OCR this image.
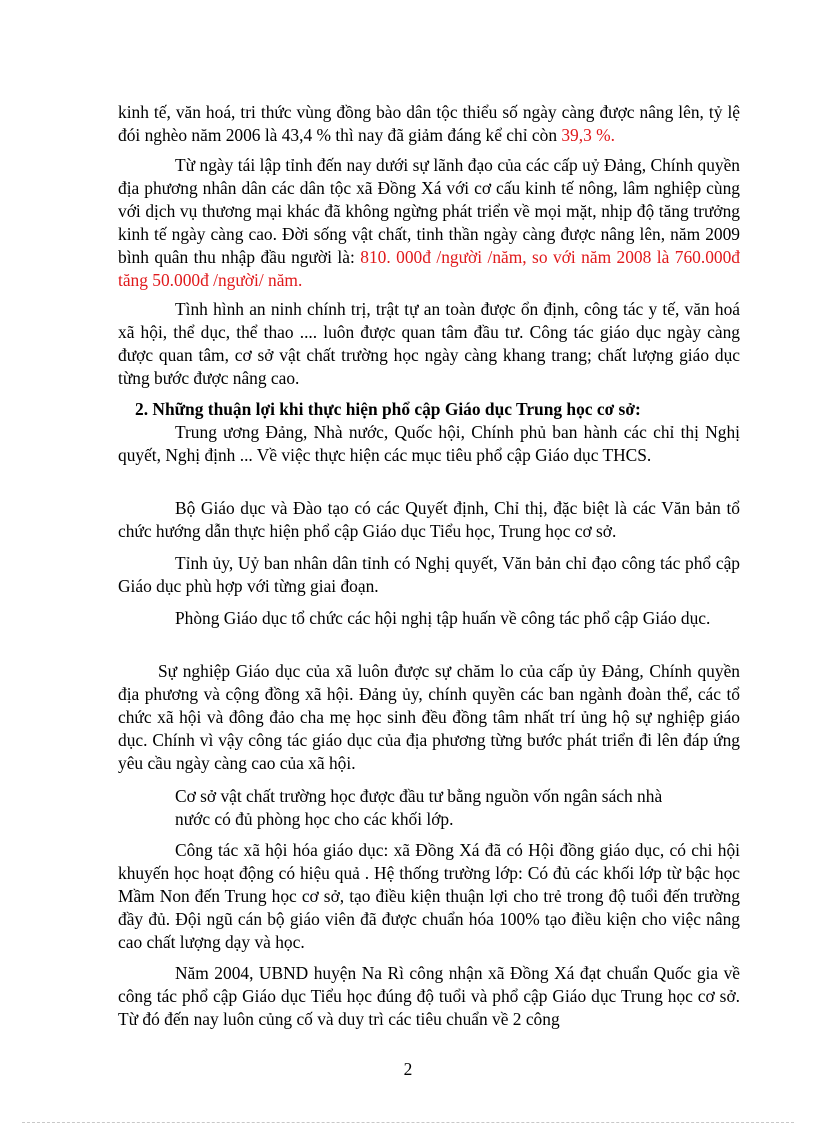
kinh tế, văn hoá, tri thức vùng đồng bào dân tộc thiểu số ngày càng được nâng lên, tỷ lệ đói nghèo năm 2006 là 43,4 % thì nay đã giảm đáng kể chỉ còn 39,3 %.

Từ ngày tái lập tỉnh đến nay dưới sự lãnh đạo của các cấp uỷ Đảng, Chính quyền địa phương nhân dân các dân tộc xã Đồng Xá với cơ cấu kinh tế nông, lâm nghiệp cùng với dịch vụ thương mại khác đã không ngừng phát triển về mọi mặt, nhịp độ tăng trưởng kinh tế ngày càng cao. Đời sống vật chất, tinh thần ngày càng được nâng lên, năm 2009 bình quân thu nhập đầu người là: 810. 000đ /người /năm, so với năm 2008 là 760.000đ tăng 50.000đ /người/ năm.

Tình hình an ninh chính trị, trật tự an toàn được ổn định, công tác y tế, văn hoá xã hội, thể dục, thể thao .... luôn được quan tâm đầu tư. Công tác giáo dục ngày càng được quan tâm, cơ sở vật chất trường học ngày càng khang trang; chất lượng giáo dục từng bước được nâng cao.

2. Những thuận lợi khi thực hiện phổ cập Giáo dục Trung học cơ sở:

Trung ương Đảng, Nhà nước, Quốc hội, Chính phủ ban hành các chỉ thị Nghị quyết, Nghị định ... Về việc thực hiện các mục tiêu phổ cập Giáo dục THCS.

Bộ Giáo dục và Đào tạo có các Quyết định, Chỉ thị, đặc biệt là các Văn bản tổ chức hướng dẫn thực hiện phổ cập Giáo dục Tiểu học, Trung học cơ sở.

Tỉnh ủy, Uỷ ban nhân dân tỉnh có Nghị quyết, Văn bản chỉ đạo công tác phổ cập Giáo dục phù hợp với từng giai đoạn.

Phòng Giáo dục tổ chức các hội nghị tập huấn về công tác phổ cập Giáo dục.

Sự nghiệp Giáo dục của xã luôn được sự chăm lo của cấp ủy Đảng, Chính quyền địa phương và cộng đồng xã hội. Đảng ủy, chính quyền các ban ngành đoàn thể, các tổ chức xã hội và đông đảo cha mẹ học sinh đều đồng tâm nhất trí ủng hộ sự nghiệp giáo dục. Chính vì vậy công tác giáo dục của địa phương từng bước phát triển đi lên đáp ứng yêu cầu ngày càng cao của xã hội.

Cơ sở vật chất trường học được đầu tư bằng nguồn vốn ngân sách nhà

nước có đủ phòng học cho các khối lớp.

Công tác xã hội hóa giáo dục: xã Đồng Xá đã có Hội đồng giáo dục, có chi hội khuyến học hoạt động có hiệu quả . Hệ thống trường lớp: Có đủ các khối lớp từ bậc học Mầm Non đến Trung học cơ sở, tạo điều kiện thuận lợi cho trẻ trong độ tuổi đến trường đầy đủ. Đội ngũ cán bộ giáo viên đã được chuẩn hóa 100% tạo điều kiện cho việc nâng cao chất lượng dạy và học.

Năm 2004, UBND huyện Na Rì công nhận xã Đồng Xá đạt chuẩn Quốc gia về công tác phổ cập Giáo dục Tiểu học đúng độ tuổi và phổ cập Giáo dục Trung học cơ sở. Từ đó đến nay luôn củng cố và duy trì các tiêu chuẩn về 2 công

2
